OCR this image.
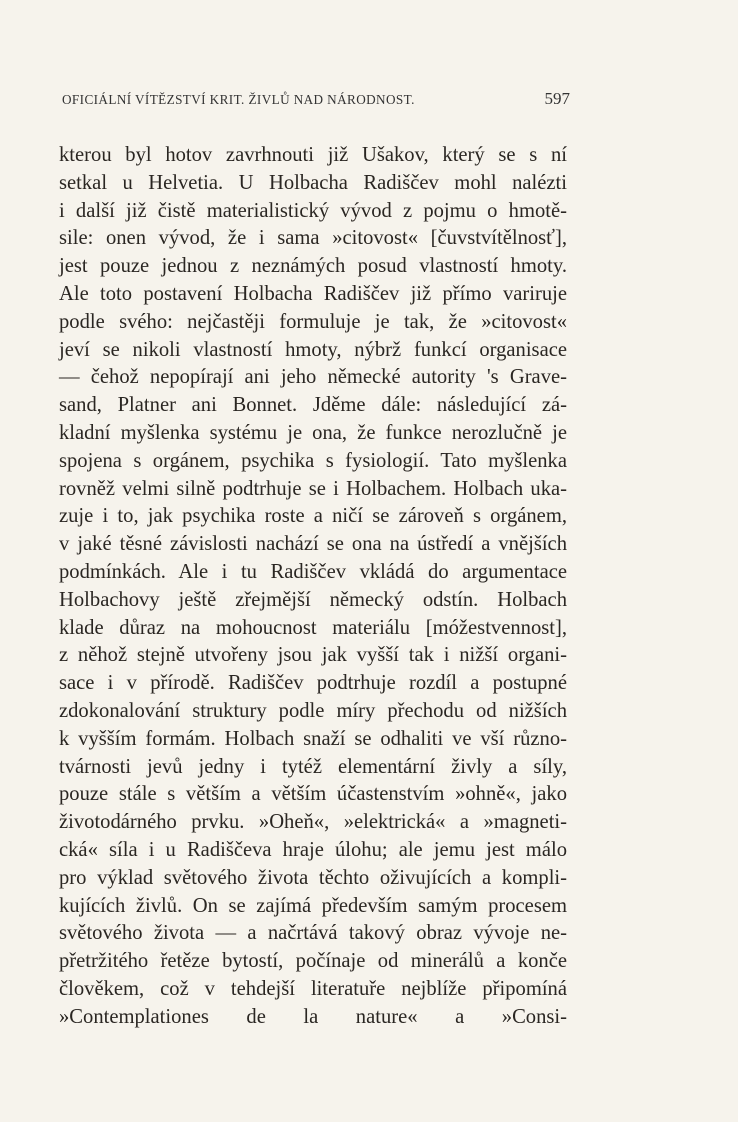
OFICIÁLNÍ VÍTĚZSTVÍ KRIT. ŽIVLŮ NAD NÁRODNOST.	597
kterou byl hotov zavrhnouti již Ušakov, který se s ní
setkal u Helvetia. U Holbacha Radiščev mohl nalézti
i další již čistě materialistický vývod z pojmu o hmotě-
sile: onen vývod, že i sama »citovost« [čuvstvítělnosť],
jest pouze jednou z neznámých posud vlastností hmoty.
Ale toto postavení Holbacha Radiščev již přímo variruje
podle svého: nejčastěji formuluje je tak, že »citovost«
jeví se nikoli vlastností hmoty, nýbrž funkcí organisace
— čehož nepopírají ani jeho německé autority 's Grave-
sand, Platner ani Bonnet. Jděme dále: následující zá-
kladní myšlenka systému je ona, že funkce nerozlučně je
spojena s orgánem, psychika s fysiologií. Tato myšlenka
rovněž velmi silně podtrhuje se i Holbachem. Holbach uka-
zuje i to, jak psychika roste a ničí se zároveň s orgánem,
v jaké těsné závislosti nachází se ona na ústředí a vnějších
podmínkách. Ale i tu Radiščev vkládá do argumentace
Holbachovy ještě zřejmější německý odstín. Holbach
klade důraz na mohoucnost materiálu [móžestvennost],
z něhož stejně utvořeny jsou jak vyšší tak i nižší organi-
sace i v přírodě. Radiščev podtrhuje rozdíl a postupné
zdokonalování struktury podle míry přechodu od nižších
k vyšším formám. Holbach snaží se odhaliti ve vší různo-
tvárnosti jevů jedny i tytéž elementární živly a síly,
pouze stále s větším a větším účastenstvím »ohně«, jako
životodárného prvku. »Oheň«, »elektrická« a »magneti-
cká« síla i u Radiščeva hraje úlohu; ale jemu jest málo
pro výklad světového života těchto oživujících a kompli-
kujících živlů. On se zajímá především samým procesem
světového života — a načrtává takový obraz vývoje ne-
přetržitého řetěze bytostí, počínaje od minerálů a konče
člověkem, což v tehdejší literatuře nejblíže připomíná
»Contemplationes de la nature« a »Consi-
